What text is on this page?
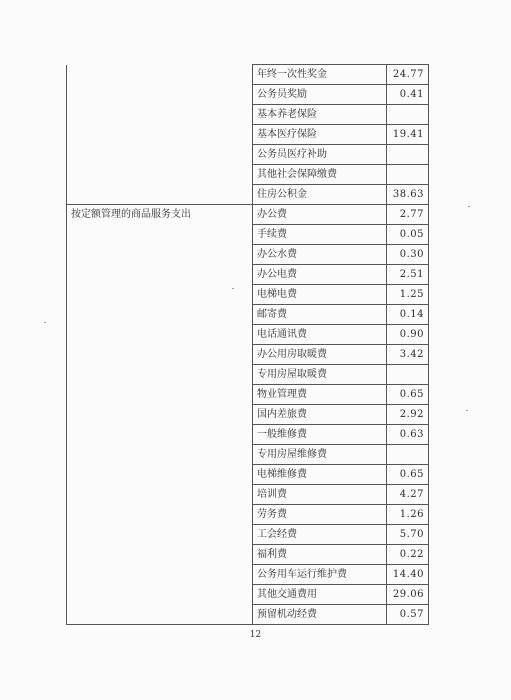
	年终一次性奖金	24.77
	公务员奖励	0.41
	基本养老保险	
	基本医疗保险	19.41
	公务员医疗补助	
	其他社会保障缴费	
	住房公积金	38.63
按定额管理的商品服务支出	办公费	2.77
	手续费	0.05
	办公水费	0.30
	办公电费	2.51
	电梯电费	1.25
	邮寄费	0.14
	电话通讯费	0.90
	办公用房取暖费	3.42
	专用房屋取暖费	
	物业管理费	0.65
	国内差旅费	2.92
	一般维修费	0.63
	专用房屋维修费	
	电梯维修费	0.65
	培训费	4.27
	劳务费	1.26
	工会经费	5.70
	福利费	0.22
	公务用车运行维护费	14.40
	其他交通费用	29.06
	预留机动经费	0.57
12
